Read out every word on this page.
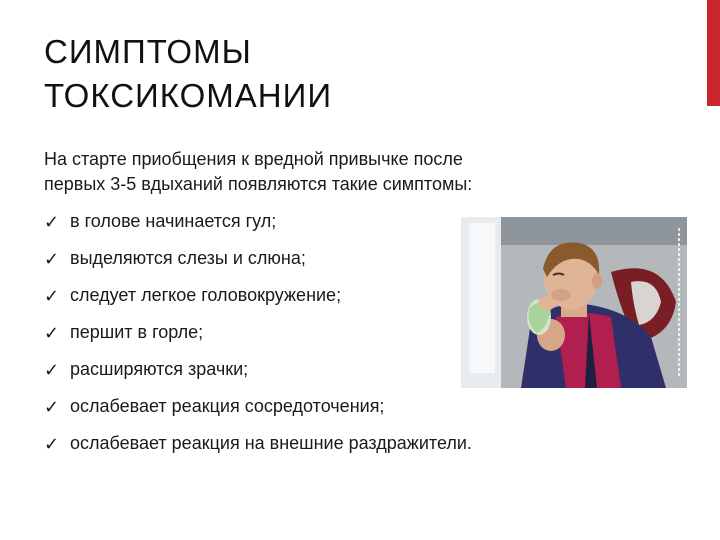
СИМПТОМЫ
ТОКСИКОМАНИИ
На старте приобщения к вредной привычке после
первых 3-5 вдыханий появляются такие симптомы:
✓ в голове начинается гул;
✓ выделяются слезы и слюна;
✓ следует легкое головокружение;
✓ першит в горле;
✓ расширяются зрачки;
✓ ослабевает реакция сосредоточения;
✓ ослабевает реакция на внешние раздражители.
